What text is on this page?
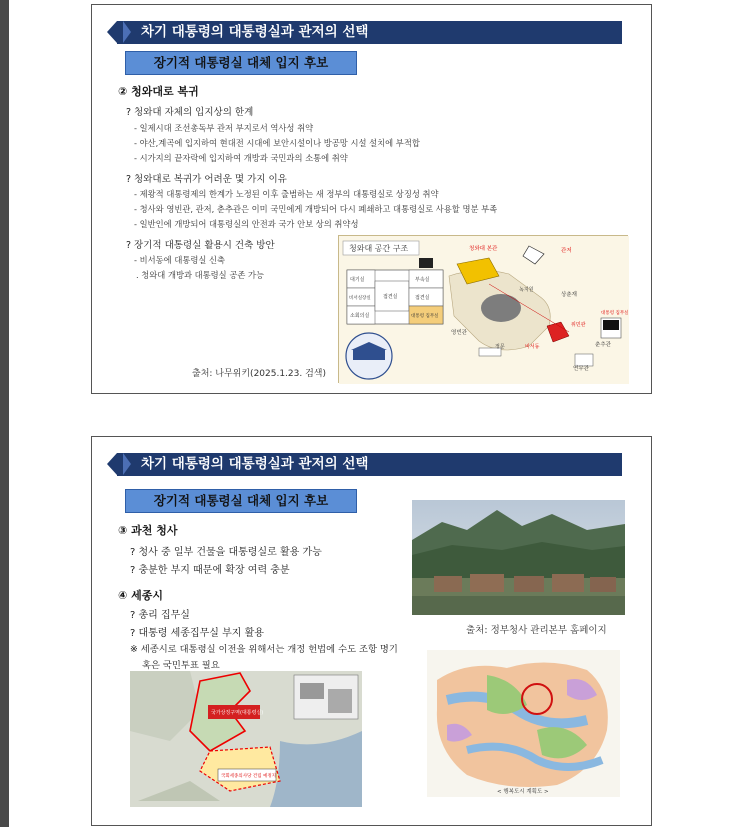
차기 대통령의 대통령실과 관저의 선택
장기적 대통령실 대체 입지 후보
② 청와대로 복귀
? 청와대 자체의 입지상의 한계
- 일제시대 조선총독부 관저 부지로서 역사성 취약
- 야산,계곡에 입지하여 현대전 시대에 보안시설이나 방공망 시설 설치에 부적합
- 시가지의 끝자락에 입지하여 개방과 국민과의 소통에 취약
? 청와대로 복귀가 어려운 몇 가지 이유
- 제왕적 대통령제의 한계가 노정된 이후 출범하는 새 정부의 대통령실로 상징성 취약
- 청사와 영빈관, 관저, 춘추관은 이미 국민에게 개방되어 다시 폐쇄하고 대통령실로 사용할 명분 부족
- 일반인에 개방되어 대통령실의 안전과 국가 안보 상의 취약성
? 장기적 대통령실 활용시 건축 방안
- 비서동에 대통령실 신축
. 청와대 개방과 대통령실 공존 가능
출처: 나무위키(2025.1.23. 검색)
청와대 공간 구조
대기실
비서실장실 접견실
부속실
소회의실
접견실
대통령 집무실
청와대 본관	관저
영빈관
춘추관
연무관
상춘재
녹지원
정문	비서동
위민관
대통령 집무실
차기 대통령의 대통령실과 관저의 선택
장기적 대통령실 대체 입지 후보
③ 과천 청사
? 청사 중 일부 건물을 대통령실로 활용 가능
? 충분한 부지 때문에 확장 여력 충분
④ 세종시
? 총리 집무실
? 대통령 세종집무실 부지 활용
※ 세종시로 대통령실 이전을 위해서는 개정 헌법에 수도 조항 명기
혹은 국민투표 필요
출처: 정부청사 관리본부 홈페이지
국가상징구역(대통령실)
국회세종의사당 건립 예정지
< 행복도시 계획도 >
